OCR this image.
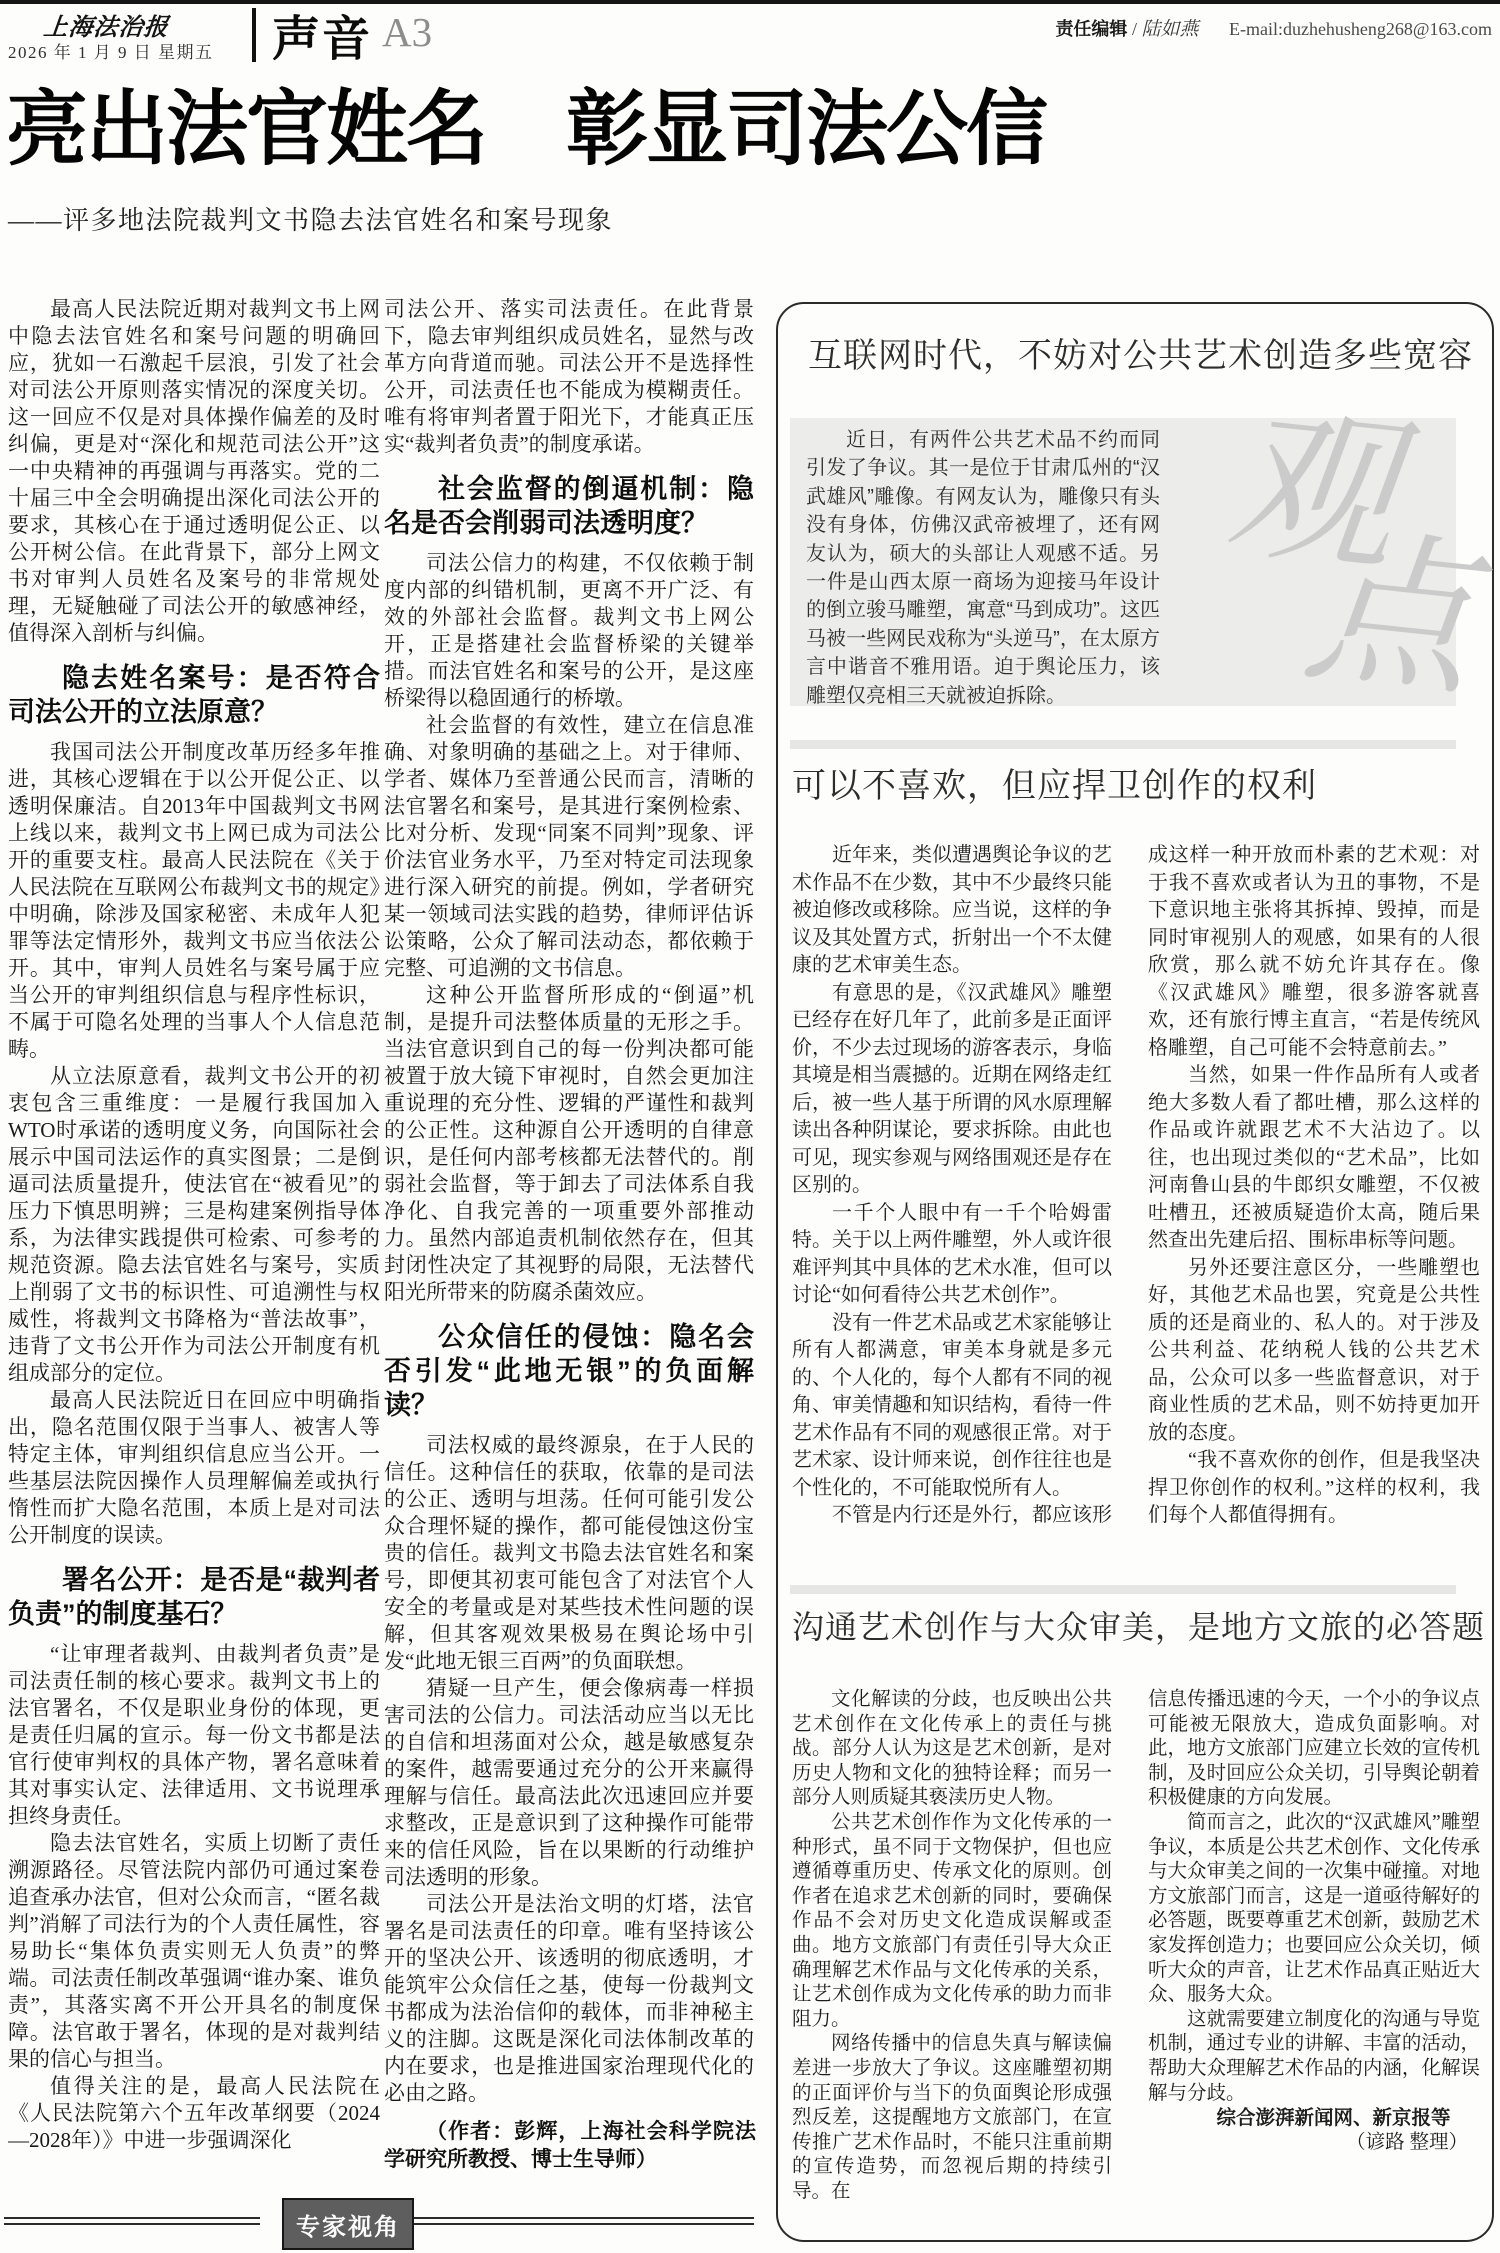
上海法治报
2026 年 1 月 9 日 星期五 声音 A3	责任编辑 / 陆如燕 E-mail:duzhehusheng268@163.com
亮出法官姓名　彰显司法公信
——评多地法院裁判文书隐去法官姓名和案号现象

最高人民法院近期对裁判文书上网中隐去法官姓名和案号问题的明确回应，犹如一石激起千层浪，引发了社会对司法公开原则落实情况的深度关切。这一回应不仅是对具体操作偏差的及时纠偏，更是对“深化和规范司法公开”这一中央精神的再强调与再落实。党的二十届三中全会明确提出深化司法公开的要求，其核心在于通过透明促公正、以公开树公信。在此背景下，部分上网文书对审判人员姓名及案号的非常规处理，无疑触碰了司法公开的敏感神经，值得深入剖析与纠偏。

隐去姓名案号：是否符合司法公开的立法原意？

我国司法公开制度改革历经多年推进，其核心逻辑在于以公开促公正、以透明保廉洁。自2013年中国裁判文书网上线以来，裁判文书上网已成为司法公开的重要支柱。最高人民法院在《关于人民法院在互联网公布裁判文书的规定》中明确，除涉及国家秘密、未成年人犯罪等法定情形外，裁判文书应当依法公开。其中，审判人员姓名与案号属于应当公开的审判组织信息与程序性标识，不属于可隐名处理的当事人个人信息范畴。

从立法原意看，裁判文书公开的初衷包含三重维度：一是履行我国加入WTO时承诺的透明度义务，向国际社会展示中国司法运作的真实图景；二是倒逼司法质量提升，使法官在“被看见”的压力下慎思明辨；三是构建案例指导体系，为法律实践提供可检索、可参考的规范资源。隐去法官姓名与案号，实质上削弱了文书的标识性、可追溯性与权威性，将裁判文书降格为“普法故事”，违背了文书公开作为司法公开制度有机组成部分的定位。

最高人民法院近日在回应中明确指出，隐名范围仅限于当事人、被害人等特定主体，审判组织信息应当公开。一些基层法院因操作人员理解偏差或执行惰性而扩大隐名范围，本质上是对司法公开制度的误读。

署名公开：是否是“裁判者负责”的制度基石？

“让审理者裁判、由裁判者负责”是司法责任制的核心要求。裁判文书上的法官署名，不仅是职业身份的体现，更是责任归属的宣示。每一份文书都是法官行使审判权的具体产物，署名意味着其对事实认定、法律适用、文书说理承担终身责任。

隐去法官姓名，实质上切断了责任溯源路径。尽管法院内部仍可通过案卷追查承办法官，但对公众而言，“匿名裁判”消解了司法行为的个人责任属性，容易助长“集体负责实则无人负责”的弊端。司法责任制改革强调“谁办案、谁负责”，其落实离不开公开具名的制度保障。法官敢于署名，体现的是对裁判结果的信心与担当。

值得关注的是，最高人民法院在《人民法院第六个五年改革纲要（2024—2028年）》中进一步强调深化

司法公开、落实司法责任。在此背景下，隐去审判组织成员姓名，显然与改革方向背道而驰。司法公开不是选择性公开，司法责任也不能成为模糊责任。唯有将审判者置于阳光下，才能真正压实“裁判者负责”的制度承诺。

社会监督的倒逼机制：隐名是否会削弱司法透明度？

司法公信力的构建，不仅依赖于制度内部的纠错机制，更离不开广泛、有效的外部社会监督。裁判文书上网公开，正是搭建社会监督桥梁的关键举措。而法官姓名和案号的公开，是这座桥梁得以稳固通行的桥墩。

社会监督的有效性，建立在信息准确、对象明确的基础之上。对于律师、学者、媒体乃至普通公民而言，清晰的法官署名和案号，是其进行案例检索、比对分析、发现“同案不同判”现象、评价法官业务水平，乃至对特定司法现象进行深入研究的前提。例如，学者研究某一领域司法实践的趋势，律师评估诉讼策略，公众了解司法动态，都依赖于完整、可追溯的文书信息。

这种公开监督所形成的“倒逼”机制，是提升司法整体质量的无形之手。当法官意识到自己的每一份判决都可能被置于放大镜下审视时，自然会更加注重说理的充分性、逻辑的严谨性和裁判的公正性。这种源自公开透明的自律意识，是任何内部考核都无法替代的。削弱社会监督，等于卸去了司法体系自我净化、自我完善的一项重要外部推动力。虽然内部追责机制依然存在，但其封闭性决定了其视野的局限，无法替代阳光所带来的防腐杀菌效应。

公众信任的侵蚀：隐名会否引发“此地无银”的负面解读？

司法权威的最终源泉，在于人民的信任。这种信任的获取，依靠的是司法的公正、透明与坦荡。任何可能引发公众合理怀疑的操作，都可能侵蚀这份宝贵的信任。裁判文书隐去法官姓名和案号，即便其初衷可能包含了对法官个人安全的考量或是对某些技术性问题的误解，但其客观效果极易在舆论场中引发“此地无银三百两”的负面联想。

猜疑一旦产生，便会像病毒一样损害司法的公信力。司法活动应当以无比的自信和坦荡面对公众，越是敏感复杂的案件，越需要通过充分的公开来赢得理解与信任。最高法此次迅速回应并要求整改，正是意识到了这种操作可能带来的信任风险，旨在以果断的行动维护司法透明的形象。

司法公开是法治文明的灯塔，法官署名是司法责任的印章。唯有坚持该公开的坚决公开、该透明的彻底透明，才能筑牢公众信任之基，使每一份裁判文书都成为法治信仰的载体，而非神秘主义的注脚。这既是深化司法体制改革的内在要求，也是推进国家治理现代化的必由之路。

（作者：彭辉，上海社会科学院法学研究所教授、博士生导师）

互联网时代，不妨对公共艺术创造多些宽容

近日，有两件公共艺术品不约而同引发了争议。其一是位于甘肃瓜州的“汉武雄风”雕像。有网友认为，雕像只有头没有身体，仿佛汉武帝被埋了，还有网友认为，硕大的头部让人观感不适。另一件是山西太原一商场为迎接马年设计的倒立骏马雕塑，寓意“马到成功”。这匹马被一些网民戏称为“头逆马”，在太原方言中谐音不雅用语。迫于舆论压力，该雕塑仅亮相三天就被迫拆除。

观
点
可以不喜欢，但应捍卫创作的权利

近年来，类似遭遇舆论争议的艺术作品不在少数，其中不少最终只能被迫修改或移除。应当说，这样的争议及其处置方式，折射出一个不太健康的艺术审美生态。

有意思的是，《汉武雄风》雕塑已经存在好几年了，此前多是正面评价，不少去过现场的游客表示，身临其境是相当震撼的。近期在网络走红后，被一些人基于所谓的风水原理解读出各种阴谋论，要求拆除。由此也可见，现实参观与网络围观还是存在区别的。

一千个人眼中有一千个哈姆雷特。关于以上两件雕塑，外人或许很难评判其中具体的艺术水准，但可以讨论“如何看待公共艺术创作”。

没有一件艺术品或艺术家能够让所有人都满意，审美本身就是多元的、个人化的，每个人都有不同的视角、审美情趣和知识结构，看待一件艺术作品有不同的观感很正常。对于艺术家、设计师来说，创作往往也是个性化的，不可能取悦所有人。

不管是内行还是外行，都应该形

成这样一种开放而朴素的艺术观：对于我不喜欢或者认为丑的事物，不是下意识地主张将其拆掉、毁掉，而是同时审视别人的观感，如果有的人很欣赏，那么就不妨允许其存在。像《汉武雄风》雕塑，很多游客就喜欢，还有旅行博主直言，“若是传统风格雕塑，自己可能不会特意前去。”

当然，如果一件作品所有人或者绝大多数人看了都吐槽，那么这样的作品或许就跟艺术不大沾边了。以往，也出现过类似的“艺术品”，比如河南鲁山县的牛郎织女雕塑，不仅被吐槽丑，还被质疑造价太高，随后果然查出先建后招、围标串标等问题。

另外还要注意区分，一些雕塑也好，其他艺术品也罢，究竟是公共性质的还是商业的、私人的。对于涉及公共利益、花纳税人钱的公共艺术品，公众可以多一些监督意识，对于商业性质的艺术品，则不妨持更加开放的态度。

“我不喜欢你的创作，但是我坚决捍卫你创作的权利。”这样的权利，我们每个人都值得拥有。

沟通艺术创作与大众审美，是地方文旅的必答题

文化解读的分歧，也反映出公共艺术创作在文化传承上的责任与挑战。部分人认为这是艺术创新，是对历史人物和文化的独特诠释；而另一部分人则质疑其亵渎历史人物。

公共艺术创作作为文化传承的一种形式，虽不同于文物保护，但也应遵循尊重历史、传承文化的原则。创作者在追求艺术创新的同时，要确保作品不会对历史文化造成误解或歪曲。地方文旅部门有责任引导大众正确理解艺术作品与文化传承的关系，让艺术创作成为文化传承的助力而非阻力。

网络传播中的信息失真与解读偏差进一步放大了争议。这座雕塑初期的正面评价与当下的负面舆论形成强烈反差，这提醒地方文旅部门，在宣传推广艺术作品时，不能只注重前期的宣传造势，而忽视后期的持续引导。在

信息传播迅速的今天，一个小的争议点可能被无限放大，造成负面影响。对此，地方文旅部门应建立长效的宣传机制，及时回应公众关切，引导舆论朝着积极健康的方向发展。

简而言之，此次的“汉武雄风”雕塑争议，本质是公共艺术创作、文化传承与大众审美之间的一次集中碰撞。对地方文旅部门而言，这是一道亟待解好的必答题，既要尊重艺术创新，鼓励艺术家发挥创造力；也要回应公众关切，倾听大众的声音，让艺术作品真正贴近大众、服务大众。

这就需要建立制度化的沟通与导览机制，通过专业的讲解、丰富的活动，帮助大众理解艺术作品的内涵，化解误解与分歧。

综合澎湃新闻网、新京报等

（谚路 整理）

专家视角
